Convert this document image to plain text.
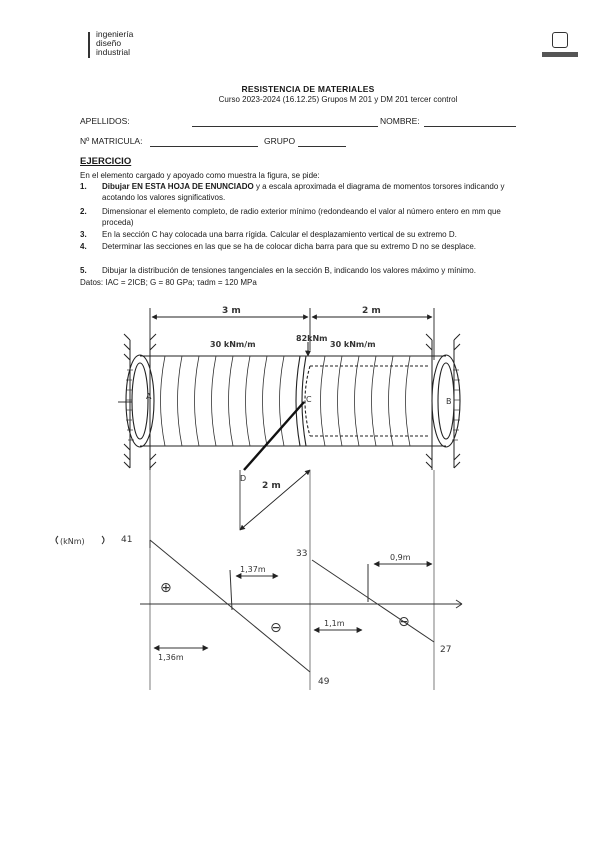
ingeniería
diseño
industrial
RESISTENCIA DE MATERIALES
Curso 2023-2024 (16.12.25) Grupos M 201 y DM 201 tercer control
APELLIDOS:	NOMBRE:
Nº MATRICULA:	GRUPO
EJERCICIO
En el elemento cargado y apoyado como muestra la figura, se pide:
1. Dibujar EN ESTA HOJA DE ENUNCIADO y a escala aproximada el diagrama de momentos torsores indicando y acotando los valores significativos.
2. Dimensionar el elemento completo, de radio exterior mínimo (redondeando el valor al número entero en mm que proceda)
3. En la sección C hay colocada una barra rígida. Calcular el desplazamiento vertical de su extremo D.
4. Determinar las secciones en las que se ha de colocar dicha barra para que su extremo D no se desplace.
5. Dibujar la distribución de tensiones tangenciales en la sección B, indicando los valores máximo y mínimo.
Datos: IAC = 2ICB; G = 80 GPa; τadm = 120 MPa
3 m	2 m
30 kNm/m	30 kNm/m
82kNm
A
B
C
D
2 m
(kNm)	41
49
33
27
1,37m
1,36m
1,1m
0,9m
⊕
⊖	⊖
